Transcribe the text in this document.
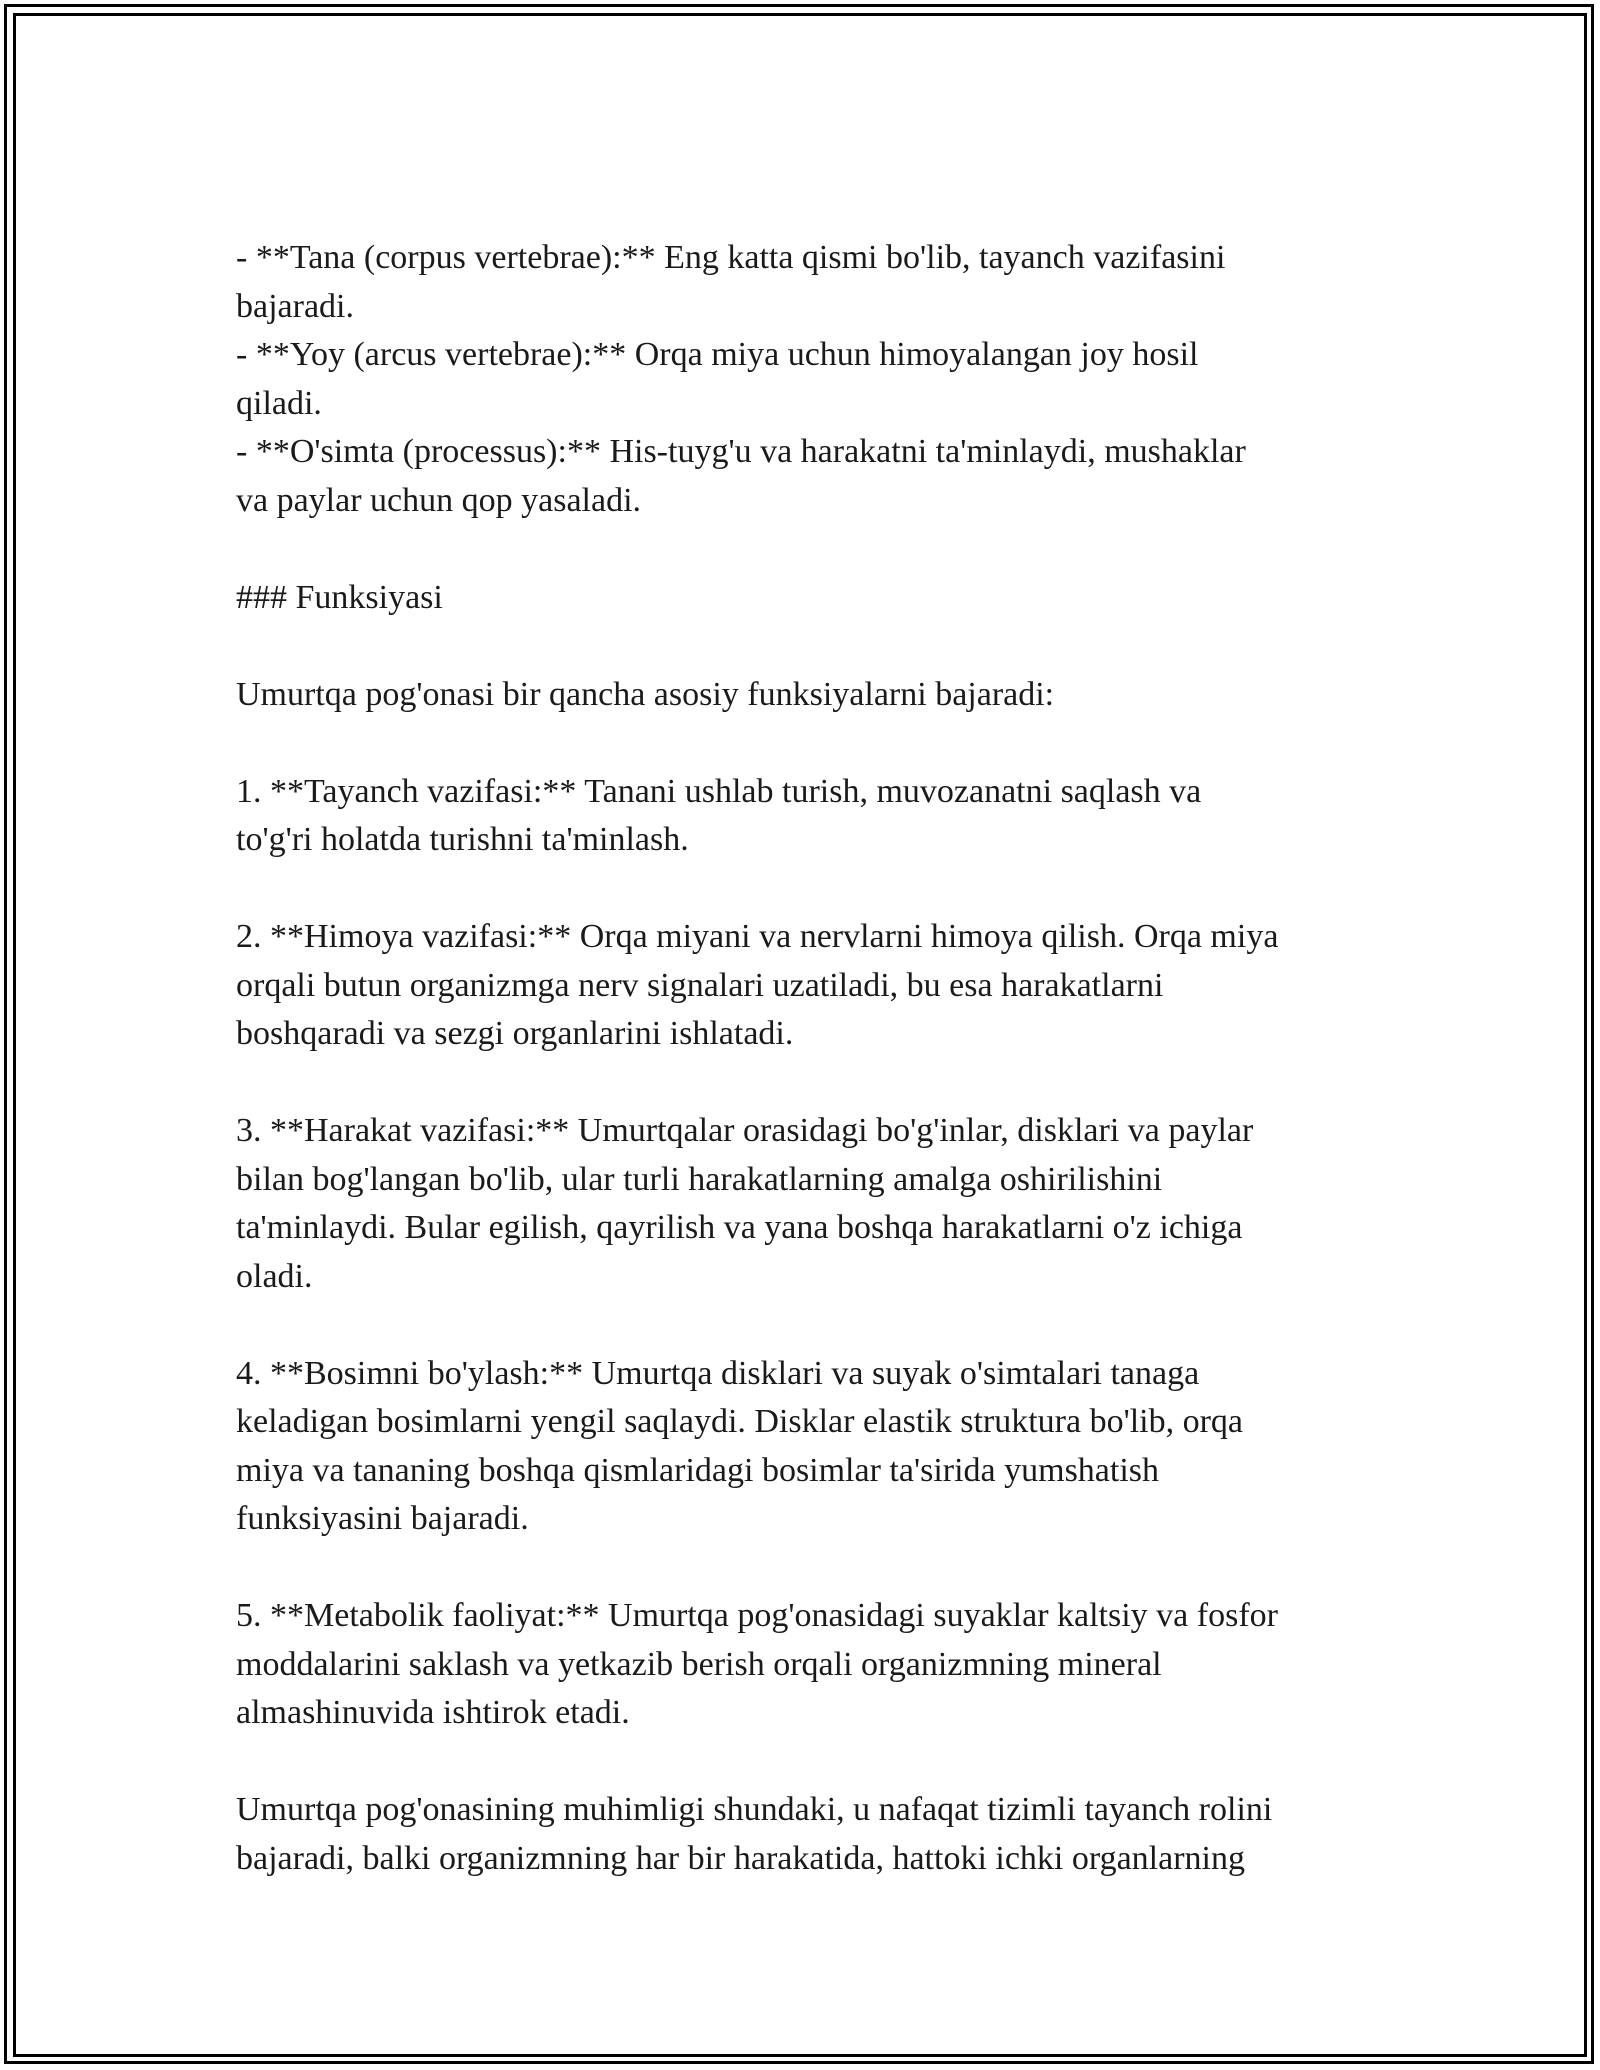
- **Tana (corpus vertebrae):** Eng katta qismi bo'lib, tayanch vazifasini

bajaradi.

- **Yoy (arcus vertebrae):** Orqa miya uchun himoyalangan joy hosil

qiladi.

- **O'simta (processus):** His-tuyg'u va harakatni ta'minlaydi, mushaklar

va paylar uchun qop yasaladi.

### Funksiyasi

Umurtqa pog'onasi bir qancha asosiy funksiyalarni bajaradi:

1. **Tayanch vazifasi:** Tanani ushlab turish, muvozanatni saqlash va

to'g'ri holatda turishni ta'minlash.

2. **Himoya vazifasi:** Orqa miyani va nervlarni himoya qilish. Orqa miya

orqali butun organizmga nerv signalari uzatiladi, bu esa harakatlarni

boshqaradi va sezgi organlarini ishlatadi.

3. **Harakat vazifasi:** Umurtqalar orasidagi bo'g'inlar, disklari va paylar

bilan bog'langan bo'lib, ular turli harakatlarning amalga oshirilishini

ta'minlaydi. Bular egilish, qayrilish va yana boshqa harakatlarni o'z ichiga

oladi.

4. **Bosimni bo'ylash:** Umurtqa disklari va suyak o'simtalari tanaga

keladigan bosimlarni yengil saqlaydi. Disklar elastik struktura bo'lib, orqa

miya va tananing boshqa qismlaridagi bosimlar ta'sirida yumshatish

funksiyasini bajaradi.

5. **Metabolik faoliyat:** Umurtqa pog'onasidagi suyaklar kaltsiy va fosfor

moddalarini saklash va yetkazib berish orqali organizmning mineral

almashinuvida ishtirok etadi.

Umurtqa pog'onasining muhimligi shundaki, u nafaqat tizimli tayanch rolini

bajaradi, balki organizmning har bir harakatida, hattoki ichki organlarning
